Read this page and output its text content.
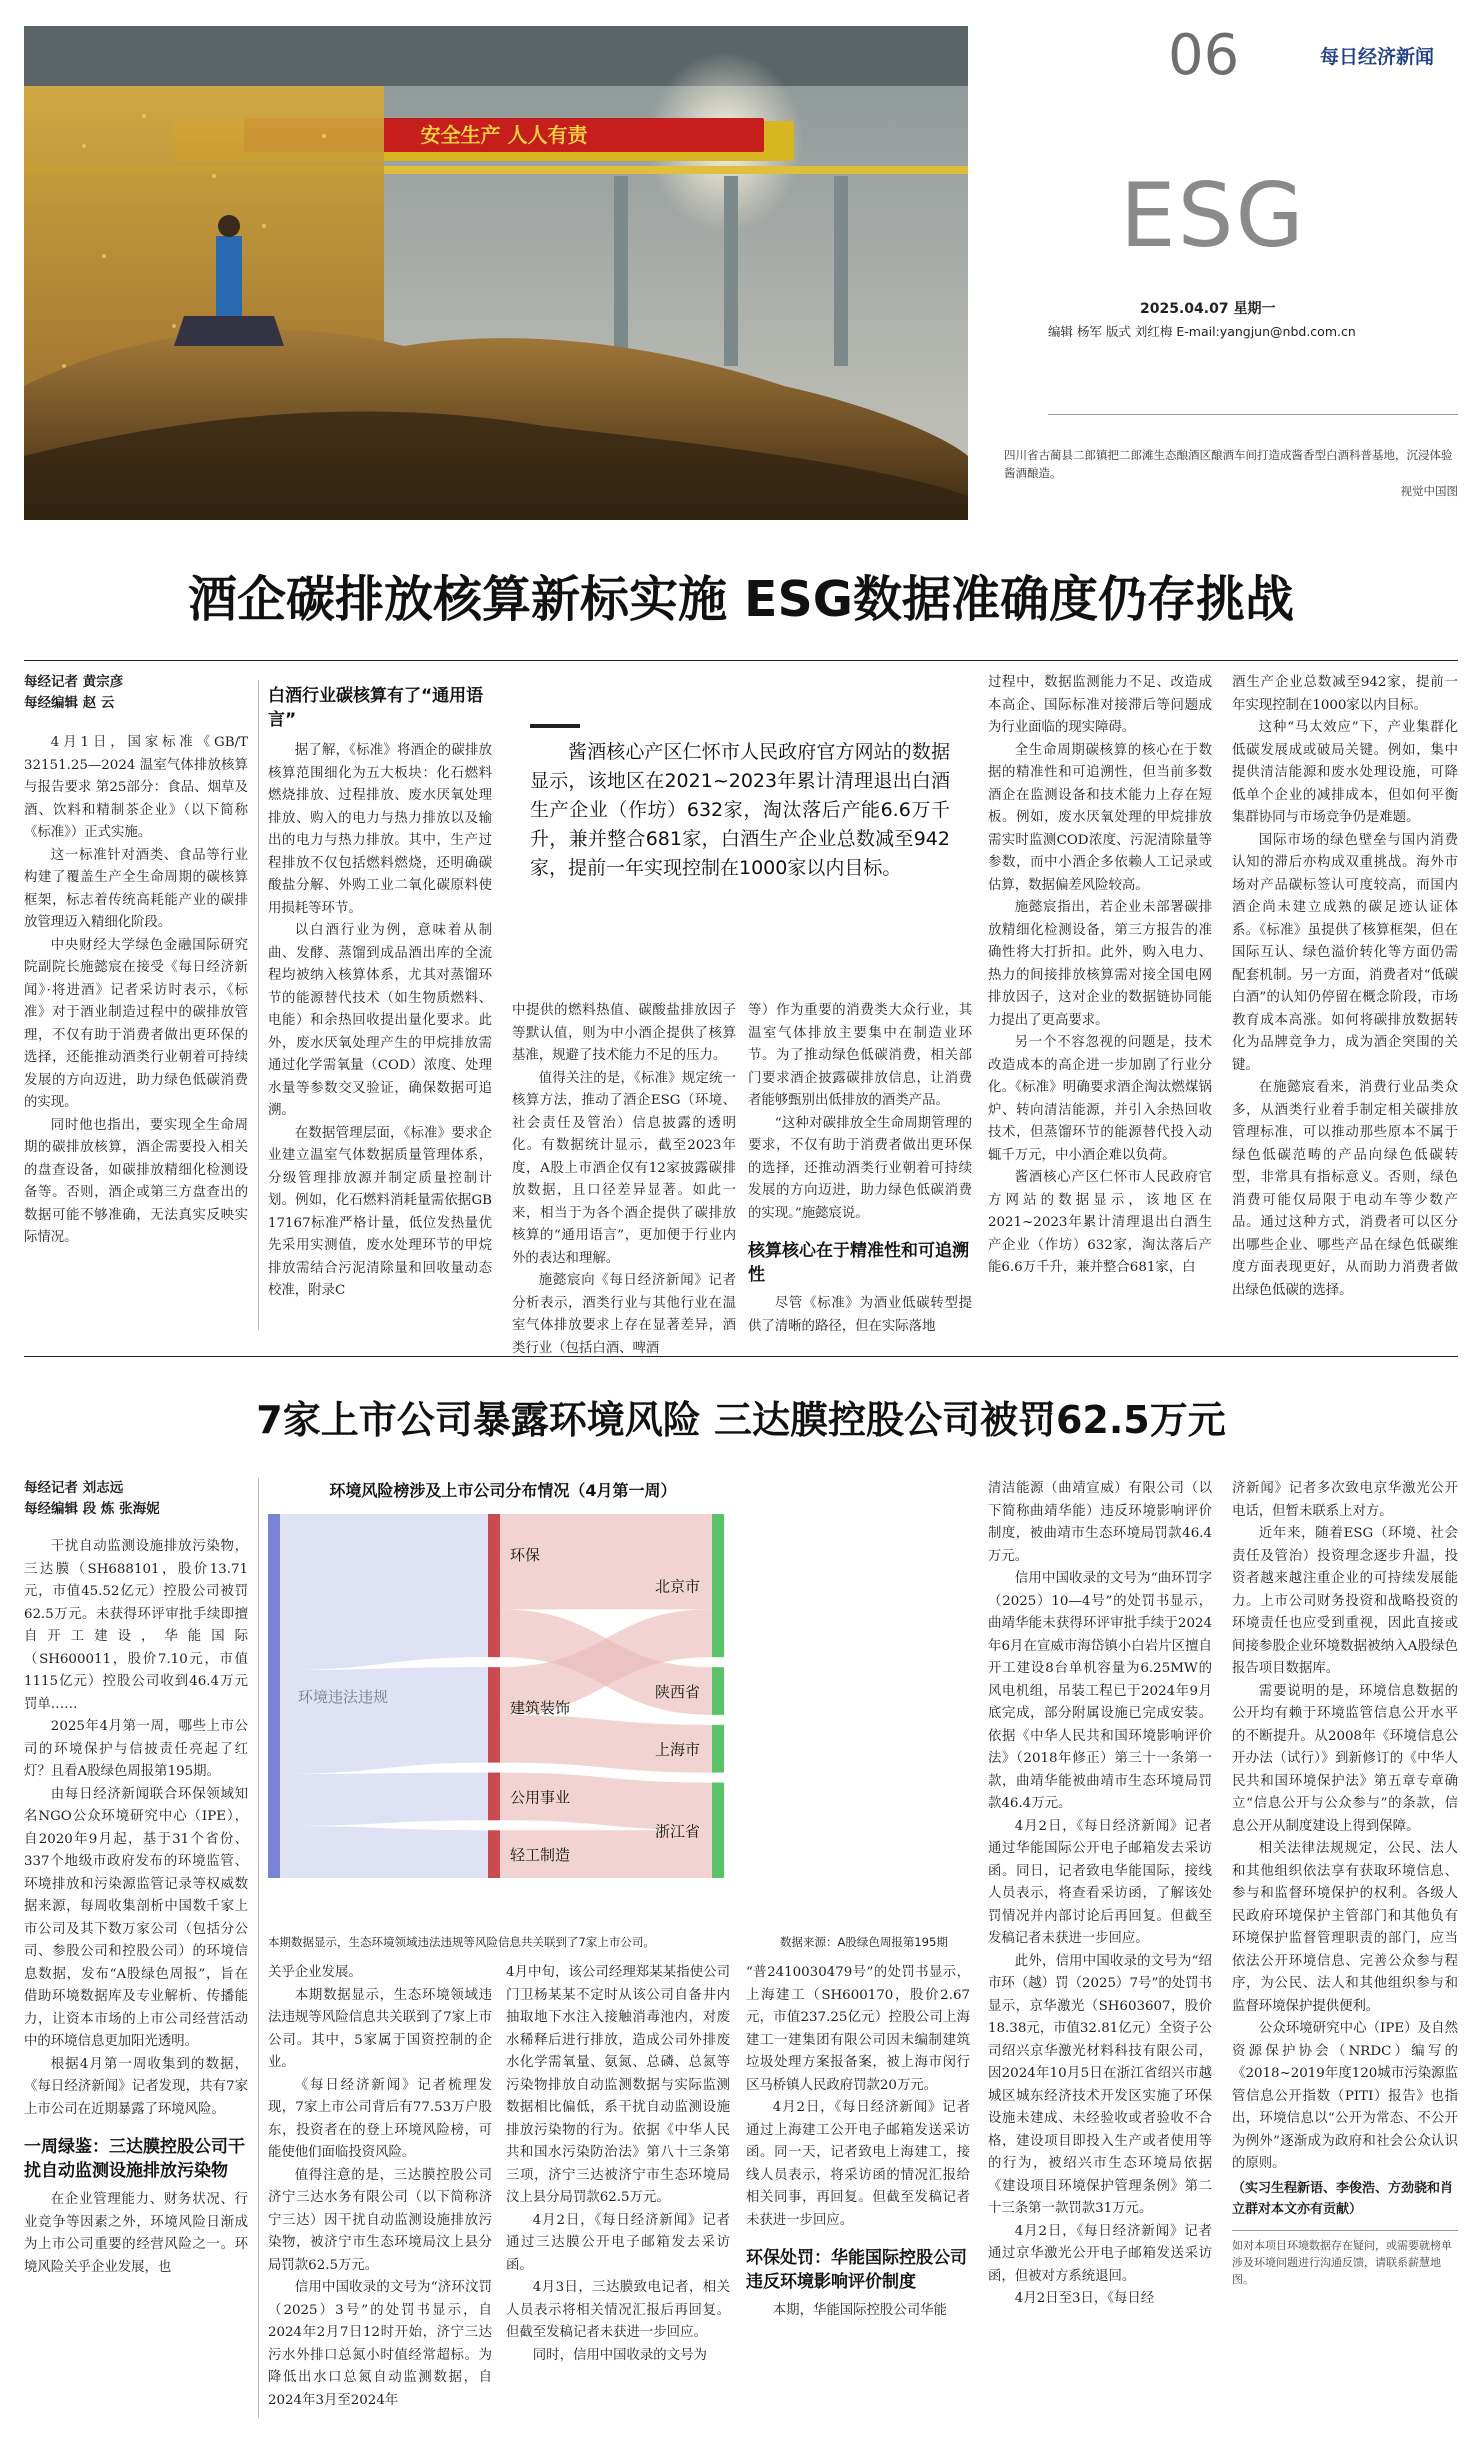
安全生产 人人有责
06	每日经济新闻
ESG
2025.04.07 星期一
编辑 杨军 版式 刘红梅 E-mail:yangjun@nbd.com.cn
四川省古蔺县二郎镇把二郎滩生态酿酒区酿酒车间打造成酱香型白酒科普基地，沉浸体验酱酒酿造。
视觉中国图
酒企碳排放核算新标实施 ESG数据准确度仍存挑战
每经记者 黄宗彦
每经编辑 赵 云

4月1日，国家标准《GB/T 32151.25—2024 温室气体排放核算与报告要求 第25部分：食品、烟草及酒、饮料和精制茶企业》（以下简称《标准》）正式实施。

这一标准针对酒类、食品等行业构建了覆盖生产全生命周期的碳核算框架，标志着传统高耗能产业的碳排放管理迈入精细化阶段。

中央财经大学绿色金融国际研究院副院长施懿宸在接受《每日经济新闻》·将进酒》记者采访时表示，《标准》对于酒业制造过程中的碳排放管理，不仅有助于消费者做出更环保的选择，还能推动酒类行业朝着可持续发展的方向迈进，助力绿色低碳消费的实现。

同时他也指出，要实现全生命周期的碳排放核算，酒企需要投入相关的盘查设备，如碳排放精细化检测设备等。否则，酒企或第三方盘查出的数据可能不够准确，无法真实反映实际情况。

白酒行业碳核算有了“通用语言”

据了解，《标准》将酒企的碳排放核算范围细化为五大板块：化石燃料燃烧排放、过程排放、废水厌氧处理排放、购入的电力与热力排放以及输出的电力与热力排放。其中，生产过程排放不仅包括燃料燃烧，还明确碳酸盐分解、外购工业二氧化碳原料使用损耗等环节。

以白酒行业为例，意味着从制曲、发酵、蒸馏到成品酒出库的全流程均被纳入核算体系，尤其对蒸馏环节的能源替代技术（如生物质燃料、电能）和余热回收提出量化要求。此外，废水厌氧处理产生的甲烷排放需通过化学需氧量（COD）浓度、处理水量等参数交叉验证，确保数据可追溯。

在数据管理层面，《标准》要求企业建立温室气体数据质量管理体系，分级管理排放源并制定质量控制计划。例如，化石燃料消耗量需依据GB 17167标准严格计量，低位发热量优先采用实测值，废水处理环节的甲烷排放需结合污泥清除量和回收量动态校准，附录C

酱酒核心产区仁怀市人民政府官方网站的数据显示，该地区在2021~2023年累计清理退出白酒生产企业（作坊）632家，淘汰落后产能6.6万千升，兼并整合681家，白酒生产企业总数减至942家，提前一年实现控制在1000家以内目标。

中提供的燃料热值、碳酸盐排放因子等默认值，则为中小酒企提供了核算基准，规避了技术能力不足的压力。

值得关注的是，《标准》规定统一核算方法，推动了酒企ESG（环境、社会责任及管治）信息披露的透明化。有数据统计显示，截至2023年度，A股上市酒企仅有12家披露碳排放数据，且口径差异显著。如此一来，相当于为各个酒企提供了碳排放核算的“通用语言”，更加便于行业内外的表达和理解。

施懿宸向《每日经济新闻》记者分析表示，酒类行业与其他行业在温室气体排放要求上存在显著差异，酒类行业（包括白酒、啤酒

等）作为重要的消费类大众行业，其温室气体排放主要集中在制造业环节。为了推动绿色低碳消费，相关部门要求酒企披露碳排放信息，让消费者能够甄别出低排放的酒类产品。

“这种对碳排放全生命周期管理的要求，不仅有助于消费者做出更环保的选择，还推动酒类行业朝着可持续发展的方向迈进，助力绿色低碳消费的实现。”施懿宸说。

核算核心在于精准性和可追溯性

尽管《标准》为酒业低碳转型提供了清晰的路径，但在实际落地

过程中，数据监测能力不足、改造成本高企、国际标准对接滞后等问题成为行业面临的现实障碍。

全生命周期碳核算的核心在于数据的精准性和可追溯性，但当前多数酒企在监测设备和技术能力上存在短板。例如，废水厌氧处理的甲烷排放需实时监测COD浓度、污泥清除量等参数，而中小酒企多依赖人工记录或估算，数据偏差风险较高。

施懿宸指出，若企业未部署碳排放精细化检测设备，第三方报告的准确性将大打折扣。此外，购入电力、热力的间接排放核算需对接全国电网排放因子，这对企业的数据链协同能力提出了更高要求。

另一个不容忽视的问题是，技术改造成本的高企进一步加剧了行业分化。《标准》明确要求酒企淘汰燃煤锅炉、转向清洁能源，并引入余热回收技术，但蒸馏环节的能源替代投入动辄千万元，中小酒企难以负荷。

酱酒核心产区仁怀市人民政府官方网站的数据显示，该地区在2021~2023年累计清理退出白酒生产企业（作坊）632家，淘汰落后产能6.6万千升，兼并整合681家，白

酒生产企业总数减至942家，提前一年实现控制在1000家以内目标。

这种“马太效应”下，产业集群化低碳发展成或破局关键。例如，集中提供清洁能源和废水处理设施，可降低单个企业的减排成本，但如何平衡集群协同与市场竞争仍是难题。

国际市场的绿色壁垒与国内消费认知的滞后亦构成双重挑战。海外市场对产品碳标签认可度较高，而国内酒企尚未建立成熟的碳足迹认证体系。《标准》虽提供了核算框架，但在国际互认、绿色溢价转化等方面仍需配套机制。另一方面，消费者对“低碳白酒”的认知仍停留在概念阶段，市场教育成本高涨。如何将碳排放数据转化为品牌竞争力，成为酒企突围的关键。

在施懿宸看来，消费行业品类众多，从酒类行业着手制定相关碳排放管理标准，可以推动那些原本不属于绿色低碳范畴的产品向绿色低碳转型，非常具有指标意义。否则，绿色消费可能仅局限于电动车等少数产品。通过这种方式，消费者可以区分出哪些企业、哪些产品在绿色低碳维度方面表现更好，从而助力消费者做出绿色低碳的选择。

7家上市公司暴露环境风险 三达膜控股公司被罚62.5万元
每经记者 刘志远
每经编辑 段 炼 张海妮

干扰自动监测设施排放污染物，三达膜（SH688101，股价13.71元，市值45.52亿元）控股公司被罚62.5万元。未获得环评审批手续即擅自开工建设，华能国际（SH600011，股价7.10元，市值1115亿元）控股公司收到46.4万元罚单……

2025年4月第一周，哪些上市公司的环境保护与信披责任亮起了红灯？且看A股绿色周报第195期。

由每日经济新闻联合环保领域知名NGO公众环境研究中心（IPE），自2020年9月起，基于31个省份、337个地级市政府发布的环境监管、环境排放和污染源监管记录等权威数据来源，每周收集剖析中国数千家上市公司及其下数万家公司（包括分公司、参股公司和控股公司）的环境信息数据，发布“A股绿色周报”，旨在借助环境数据库及专业解析、传播能力，让资本市场的上市公司经营活动中的环境信息更加阳光透明。

根据4月第一周收集到的数据，《每日经济新闻》记者发现，共有7家上市公司在近期暴露了环境风险。

一周绿鉴：三达膜控股公司干扰自动监测设施排放污染物

在企业管理能力、财务状况、行业竞争等因素之外，环境风险日渐成为上市公司重要的经营风险之一。环境风险关乎企业发展，也

环境风险榜涉及上市公司分布情况（4月第一周）
环保
建筑装饰
公用事业
轻工制造
北京市
陕西省
上海市
浙江省
本期数据显示，生态环境领域违法违规等风险信息共关联到了7家上市公司。	数据来源：A股绿色周报第195期

关乎企业发展。

本期数据显示，生态环境领域违法违规等风险信息共关联到了7家上市公司。其中，5家属于国资控制的企业。

《每日经济新闻》记者梳理发现，7家上市公司背后有77.53万户股东，投资者在的登上环境风险榜，可能使他们面临投资风险。

值得注意的是，三达膜控股公司济宁三达水务有限公司（以下简称济宁三达）因干扰自动监测设施排放污染物，被济宁市生态环境局汶上县分局罚款62.5万元。

信用中国收录的文号为“济环汶罚（2025）3号”的处罚书显示，自2024年2月7日12时开始，济宁三达污水外排口总氮小时值经常超标。为降低出水口总氮自动监测数据，自2024年3月至2024年

4月中旬，该公司经理郑某某指使公司门卫杨某某不定时从该公司自备井内抽取地下水注入接触消毒池内，对废水稀释后进行排放，造成公司外排废水化学需氧量、氨氮、总磷、总氮等污染物排放自动监测数据与实际监测数据相比偏低，系干扰自动监测设施排放污染物的行为。依据《中华人民共和国水污染防治法》第八十三条第三项，济宁三达被济宁市生态环境局汶上县分局罚款62.5万元。

4月2日，《每日经济新闻》记者通过三达膜公开电子邮箱发去采访函。

4月3日，三达膜致电记者，相关人员表示将相关情况汇报后再回复。但截至发稿记者未获进一步回应。

同时，信用中国收录的文号为

“普2410030479号”的处罚书显示，上海建工（SH600170，股价2.67元，市值237.25亿元）控股公司上海建工一建集团有限公司因未编制建筑垃圾处理方案报备案，被上海市闵行区马桥镇人民政府罚款20万元。

4月2日，《每日经济新闻》记者通过上海建工公开电子邮箱发送采访函。同一天，记者致电上海建工，接线人员表示，将采访函的情况汇报给相关同事，再回复。但截至发稿记者未获进一步回应。

环保处罚：华能国际控股公司违反环境影响评价制度

本期，华能国际控股公司华能

清洁能源（曲靖宣威）有限公司（以下简称曲靖华能）违反环境影响评价制度，被曲靖市生态环境局罚款46.4万元。

信用中国收录的文号为“曲环罚字（2025）10—4号”的处罚书显示，曲靖华能未获得环评审批手续于2024年6月在宣威市海岱镇小白岩片区擅自开工建设8台单机容量为6.25MW的风电机组，吊装工程已于2024年9月底完成，部分附属设施已完成安装。依据《中华人民共和国环境影响评价法》（2018年修正）第三十一条第一款，曲靖华能被曲靖市生态环境局罚款46.4万元。

4月2日，《每日经济新闻》记者通过华能国际公开电子邮箱发去采访函。同日，记者致电华能国际，接线人员表示，将查看采访函，了解该处罚情况并内部讨论后再回复。但截至发稿记者未获进一步回应。

此外，信用中国收录的文号为“绍市环（越）罚（2025）7号”的处罚书显示，京华激光（SH603607，股价18.38元，市值32.81亿元）全资子公司绍兴京华激光材料科技有限公司，因2024年10月5日在浙江省绍兴市越城区城东经济技术开发区实施了环保设施未建成、未经验收或者验收不合格，建设项目即投入生产或者使用等的行为，被绍兴市生态环境局依据《建设项目环境保护管理条例》第二十三条第一款罚款31万元。

4月2日，《每日经济新闻》记者通过京华激光公开电子邮箱发送采访函，但被对方系统退回。

4月2日至3日，《每日经

济新闻》记者多次致电京华激光公开电话，但暂未联系上对方。

近年来，随着ESG（环境、社会责任及管治）投资理念逐步升温，投资者越来越注重企业的可持续发展能力。上市公司财务投资和战略投资的环境责任也应受到重视，因此直接或间接参股企业环境数据被纳入A股绿色报告项目数据库。

需要说明的是，环境信息数据的公开均有赖于环境监管信息公开水平的不断提升。从2008年《环境信息公开办法（试行）》到新修订的《中华人民共和国环境保护法》第五章专章确立“信息公开与公众参与”的条款，信息公开从制度建设上得到保障。

相关法律法规规定，公民、法人和其他组织依法享有获取环境信息、参与和监督环境保护的权利。各级人民政府环境保护主管部门和其他负有环境保护监督管理职责的部门，应当依法公开环境信息、完善公众参与程序，为公民、法人和其他组织参与和监督环境保护提供便利。

公众环境研究中心（IPE）及自然资源保护协会（NRDC）编写的《2018~2019年度120城市污染源监管信息公开指数（PITI）报告》也指出，环境信息以“公开为常态、不公开为例外”逐渐成为政府和社会公众认识的原则。

（实习生程新语、李俊浩、方劲骁和肖立群对本文亦有贡献）
如对本项目环境数据存在疑问，或需要就榜单涉及环境问题进行沟通反馈，请联系薪慧地图。
